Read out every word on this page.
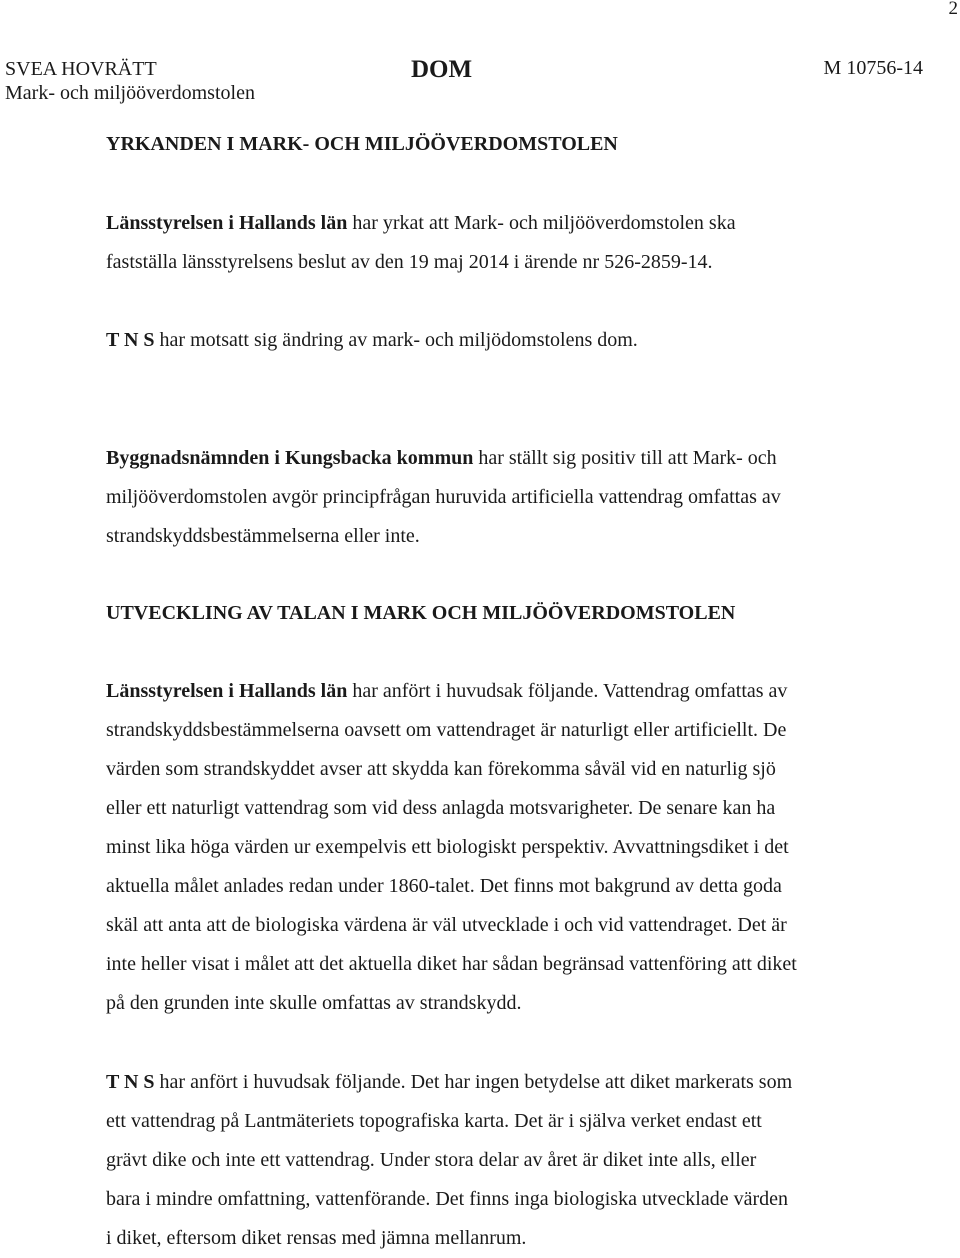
2
SVEA HOVRÄTT
Mark- och miljööverdomstolen
DOM	M 10756-14
YRKANDEN I MARK- OCH MILJÖÖVERDOMSTOLEN
Länsstyrelsen i Hallands län har yrkat att Mark- och miljööverdomstolen ska
fastställa länsstyrelsens beslut av den 19 maj 2014 i ärende nr 526-2859-14.
T N S har motsatt sig ändring av mark- och miljödomstolens dom.
Byggnadsnämnden i Kungsbacka kommun har ställt sig positiv till att Mark- och
miljööverdomstolen avgör principfrågan huruvida artificiella vattendrag omfattas av
strandskyddsbestämmelserna eller inte.
UTVECKLING AV TALAN I MARK OCH MILJÖÖVERDOMSTOLEN
Länsstyrelsen i Hallands län har anfört i huvudsak följande. Vattendrag omfattas av
strandskyddsbestämmelserna oavsett om vattendraget är naturligt eller artificiellt. De
värden som strandskyddet avser att skydda kan förekomma såväl vid en naturlig sjö
eller ett naturligt vattendrag som vid dess anlagda motsvarigheter. De senare kan ha
minst lika höga värden ur exempelvis ett biologiskt perspektiv. Avvattningsdiket i det
aktuella målet anlades redan under 1860-talet. Det finns mot bakgrund av detta goda
skäl att anta att de biologiska värdena är väl utvecklade i och vid vattendraget. Det är
inte heller visat i målet att det aktuella diket har sådan begränsad vattenföring att diket
på den grunden inte skulle omfattas av strandskydd.
T N S har anfört i huvudsak följande. Det har ingen betydelse att diket markerats som
ett vattendrag på Lantmäteriets topografiska karta. Det är i själva verket endast ett
grävt dike och inte ett vattendrag. Under stora delar av året är diket inte alls, eller
bara i mindre omfattning, vattenförande. Det finns inga biologiska utvecklade värden
i diket, eftersom diket rensas med jämna mellanrum.
